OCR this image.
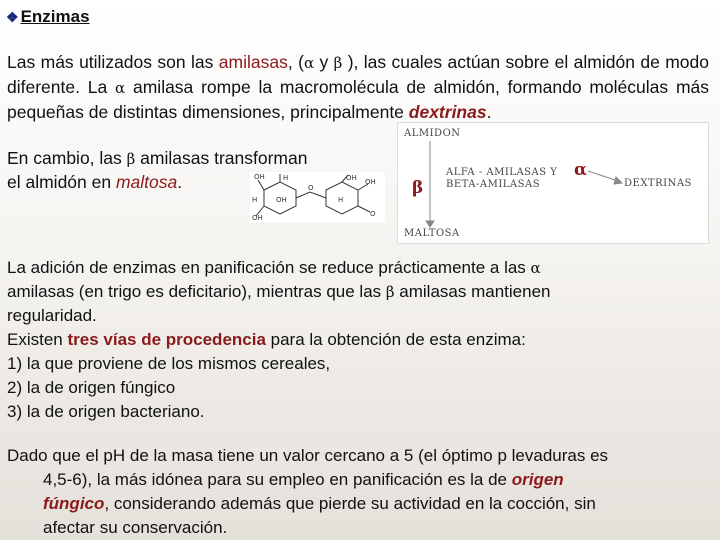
❖ Enzimas
Las más utilizados son las amilasas, (α y β ), las cuales actúan sobre el almidón de modo diferente. La α amilasa rompe la macromolécula de almidón, formando moléculas más pequeñas de distintas dimensiones, principalmente dextrinas.
En cambio, las β amilasas transforman
el almidón en maltosa.	OH	H
O
OH OH
O
H	OH	H
OH
ALMIDON
ALFA - AMILASAS Y
BETA-AMILASAS	DEXTRINAS
MALTOSA
α
β
La adición de enzimas en panificación se reduce prácticamente a las α
amilasas (en trigo es deficitario), mientras que las β amilasas mantienen
regularidad.
Existen tres vías de procedencia para la obtención de esta enzima:
1) la que proviene de los mismos cereales,
2) la de origen fúngico
3) la de origen bacteriano.
Dado que el pH de la masa tiene un valor cercano a 5 (el óptimo p levaduras es
4,5-6), la más idónea para su empleo en panificación es la de origen
fúngico, considerando además que pierde su actividad en la cocción, sin
afectar su conservación.
